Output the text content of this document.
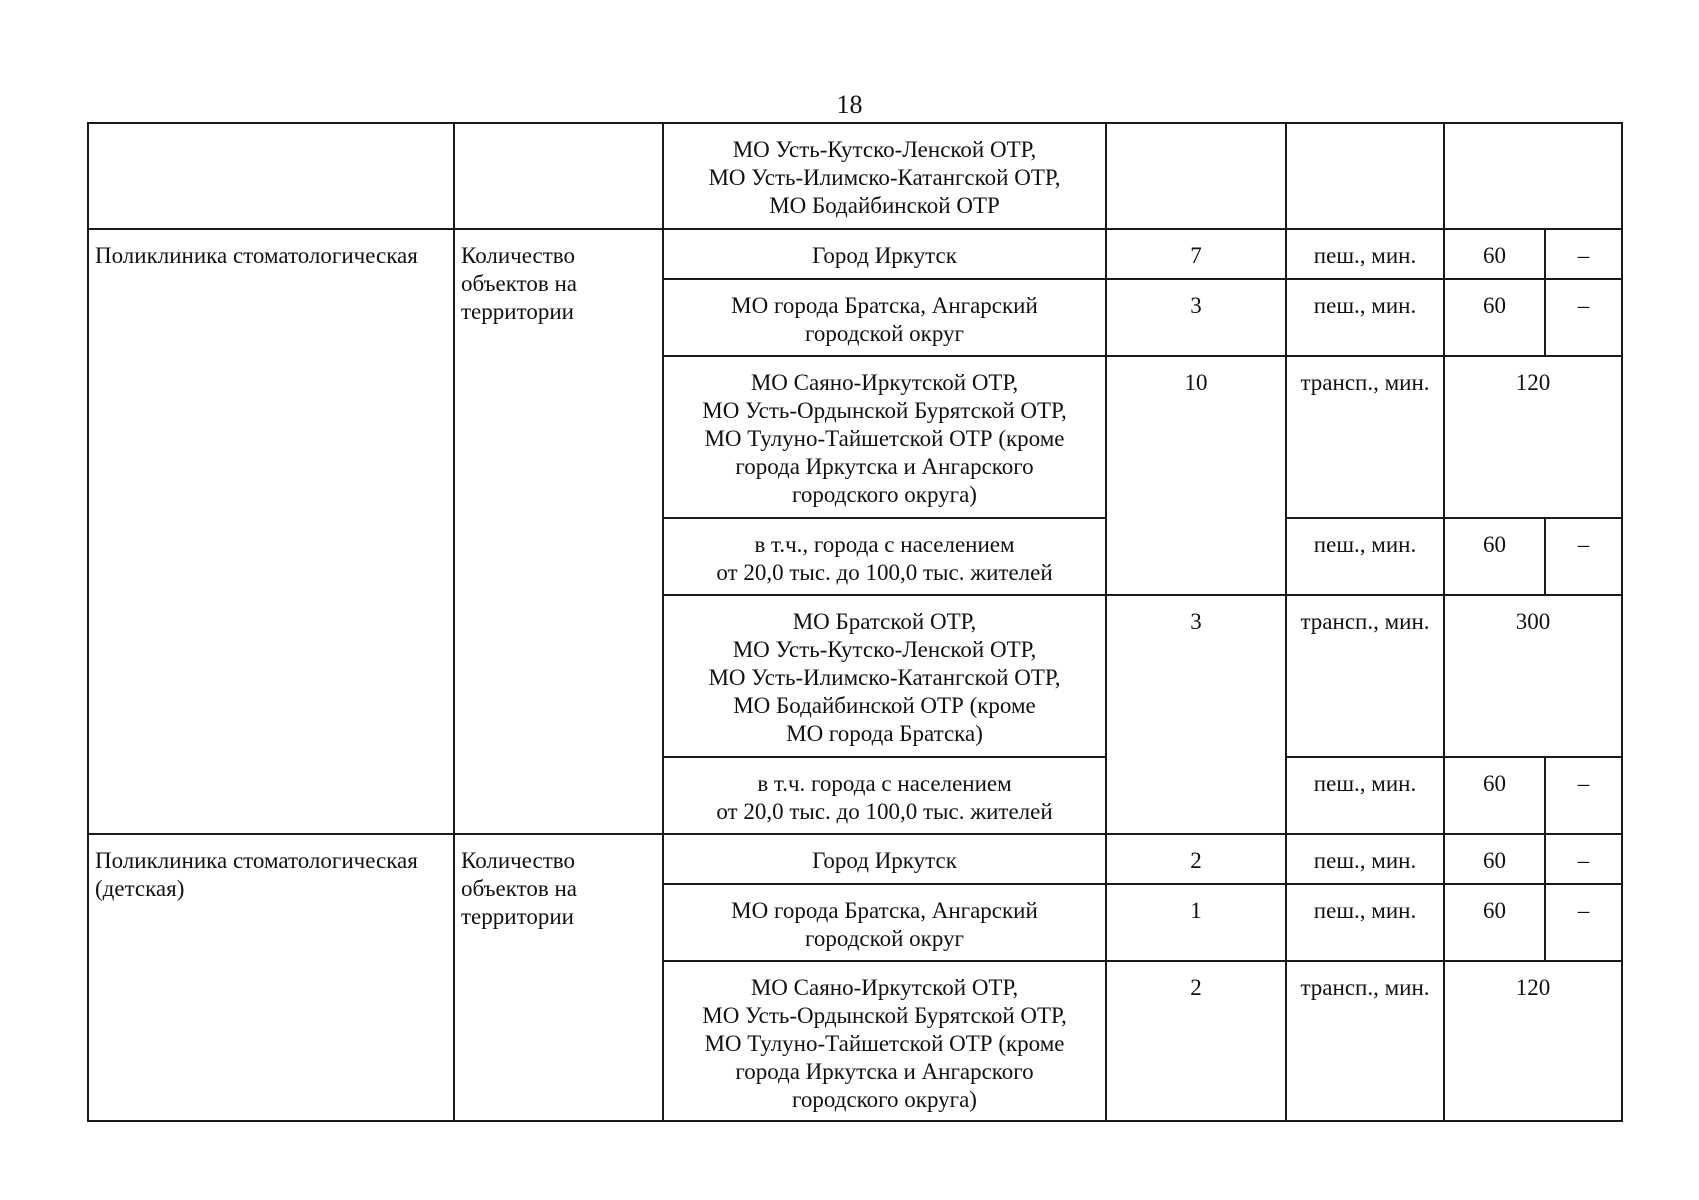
18

		МО Усть-Кутско-Ленской ОТР,
МО Усть-Илимско-Катангской ОТР,
МО Бодайбинской ОТР				

Поликлиника стоматологическая	Количество
объектов на
территории	Город Иркутск	7	пеш., мин.	60	–

		МО города Братска, Ангарский
городской округ	3	пеш., мин.	60	–

		МО Саяно-Иркутской ОТР,
МО Усть-Ордынской Бурятской ОТР,
МО Тулуно-Тайшетской ОТР (кроме
города Иркутска и Ангарского
городского округа)	10	трансп., мин.	120	

		в т.ч., города с населением
от 20,0 тыс. до 100,0 тыс. жителей		пеш., мин.	60	–

		МО Братской ОТР,
МО Усть-Кутско-Ленской ОТР,
МО Усть-Илимско-Катангской ОТР,
МО Бодайбинской ОТР (кроме
МО города Братска)	3	трансп., мин.	300	

		в т.ч. города с населением
от 20,0 тыс. до 100,0 тыс. жителей		пеш., мин.	60	–
Поликлиника стоматологическая (детская)	Количество
объектов на
территории	Город Иркутск	2	пеш., мин.	60	–

		МО города Братска, Ангарский
городской округ	1	пеш., мин.	60	–

		МО Саяно-Иркутской ОТР,
МО Усть-Ордынской Бурятской ОТР,
МО Тулуно-Тайшетской ОТР (кроме
города Иркутска и Ангарского
городского округа)	2	трансп., мин.	120	
